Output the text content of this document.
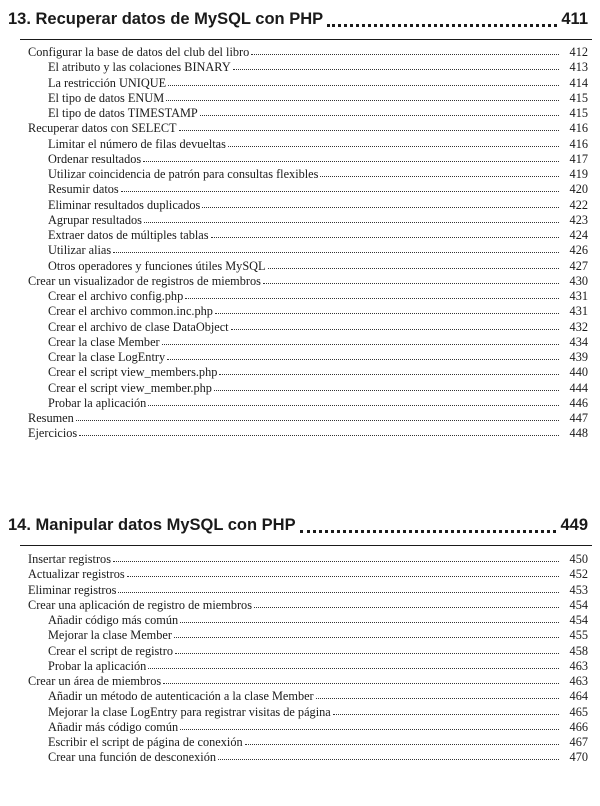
13. Recuperar datos de MySQL con PHP	411
Configurar la base de datos del club del libro	412
El atributo y las colaciones BINARY	413
La restricción UNIQUE	414
El tipo de datos ENUM	415
El tipo de datos TIMESTAMP	415
Recuperar datos con SELECT	416
Limitar el número de filas devueltas	416
Ordenar resultados	417
Utilizar coincidencia de patrón para consultas flexibles	419
Resumir datos	420
Eliminar resultados duplicados	422
Agrupar resultados	423
Extraer datos de múltiples tablas	424
Utilizar alias	426
Otros operadores y funciones útiles MySQL	427
Crear un visualizador de registros de miembros	430
Crear el archivo config.php	431
Crear el archivo common.inc.php	431
Crear el archivo de clase DataObject	432
Crear la clase Member	434
Crear la clase LogEntry	439
Crear el script view_members.php	440
Crear el script view_member.php	444
Probar la aplicación	446
Resumen	447
Ejercicios	448
14. Manipular datos MySQL con PHP	449
Insertar registros	450
Actualizar registros	452
Eliminar registros	453
Crear una aplicación de registro de miembros	454
Añadir código más común	454
Mejorar la clase Member	455
Crear el script de registro	458
Probar la aplicación	463
Crear un área de miembros	463
Añadir un método de autenticación a la clase Member	464
Mejorar la clase LogEntry para registrar visitas de página	465
Añadir más código común	466
Escribir el script de página de conexión	467
Crear una función de desconexión	470
